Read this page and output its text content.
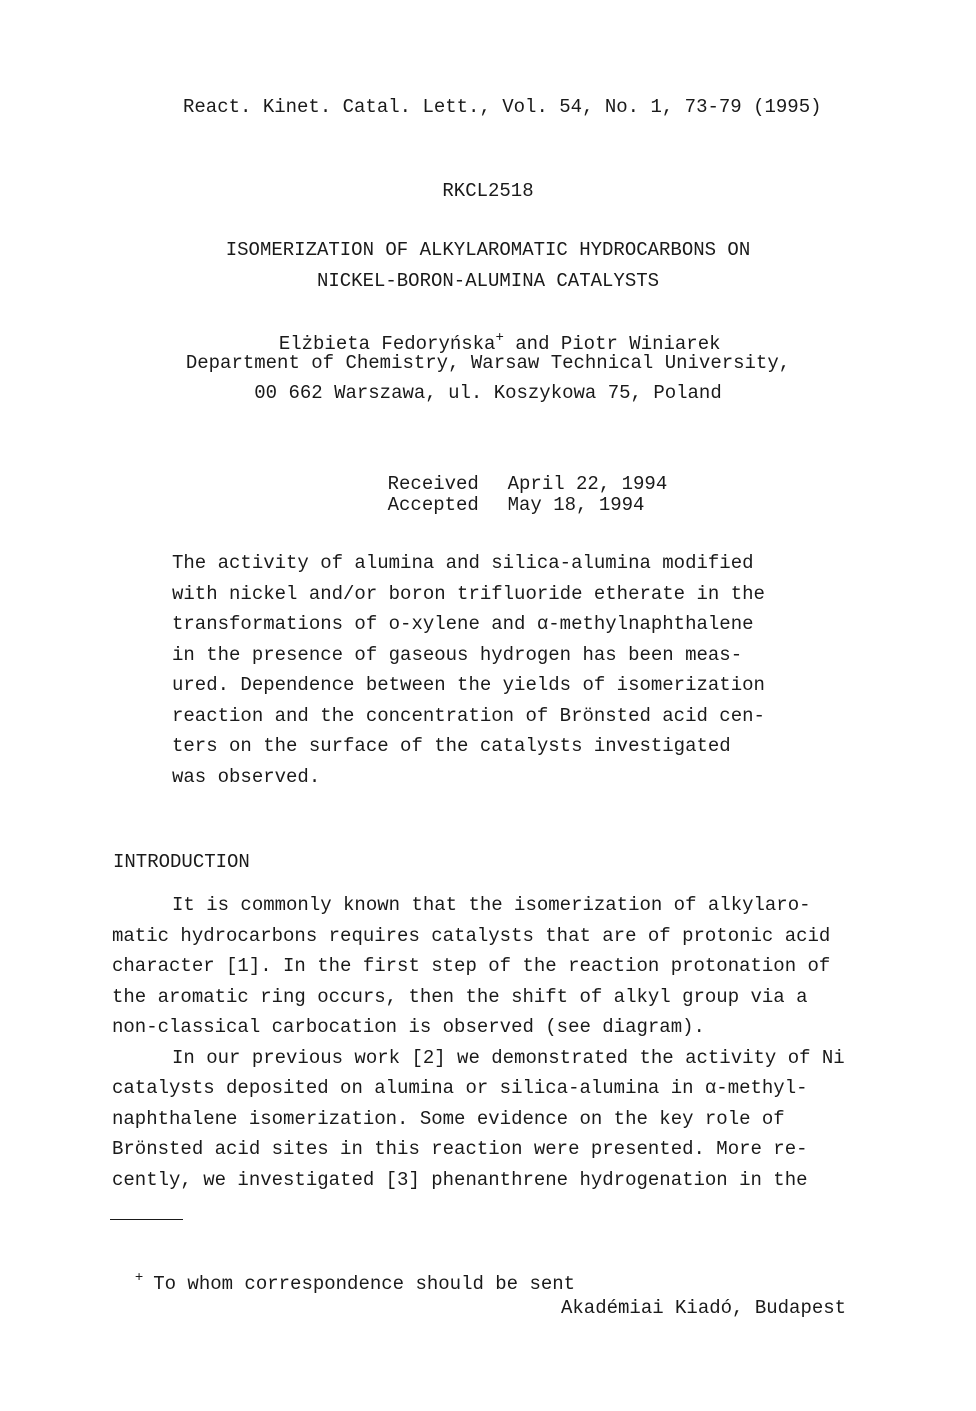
React. Kinet. Catal. Lett., Vol. 54, No. 1, 73-79 (1995)
RKCL2518
ISOMERIZATION OF ALKYLAROMATIC HYDROCARBONS ON
NICKEL-BORON-ALUMINA CATALYSTS

Elżbieta Fedoryńska+ and Piotr Winiarek

Department of Chemistry, Warsaw Technical University,
00 662 Warszawa, ul. Koszykowa 75, Poland

Received April 22, 1994

Accepted May 18, 1994

The activity of alumina and silica-alumina modified
with nickel and/or boron trifluoride etherate in the
transformations of o-xylene and α-methylnaphthalene
in the presence of gaseous hydrogen has been meas-
ured. Dependence between the yields of isomerization
reaction and the concentration of Brönsted acid cen-
ters on the surface of the catalysts investigated
was observed.
INTRODUCTION
It is commonly known that the isomerization of alkylaro-
matic hydrocarbons requires catalysts that are of protonic acid
character [1]. In the first step of the reaction protonation of
the aromatic ring occurs, then the shift of alkyl group via a
non-classical carbocation is observed (see diagram).
In our previous work [2] we demonstrated the activity of Ni
catalysts deposited on alumina or silica-alumina in α-methyl-
naphthalene isomerization. Some evidence on the key role of
Brönsted acid sites in this reaction were presented. More re-
cently, we investigated [3] phenanthrene hydrogenation in the

+ To whom correspondence should be sent

Akadémiai Kiadó, Budapest
